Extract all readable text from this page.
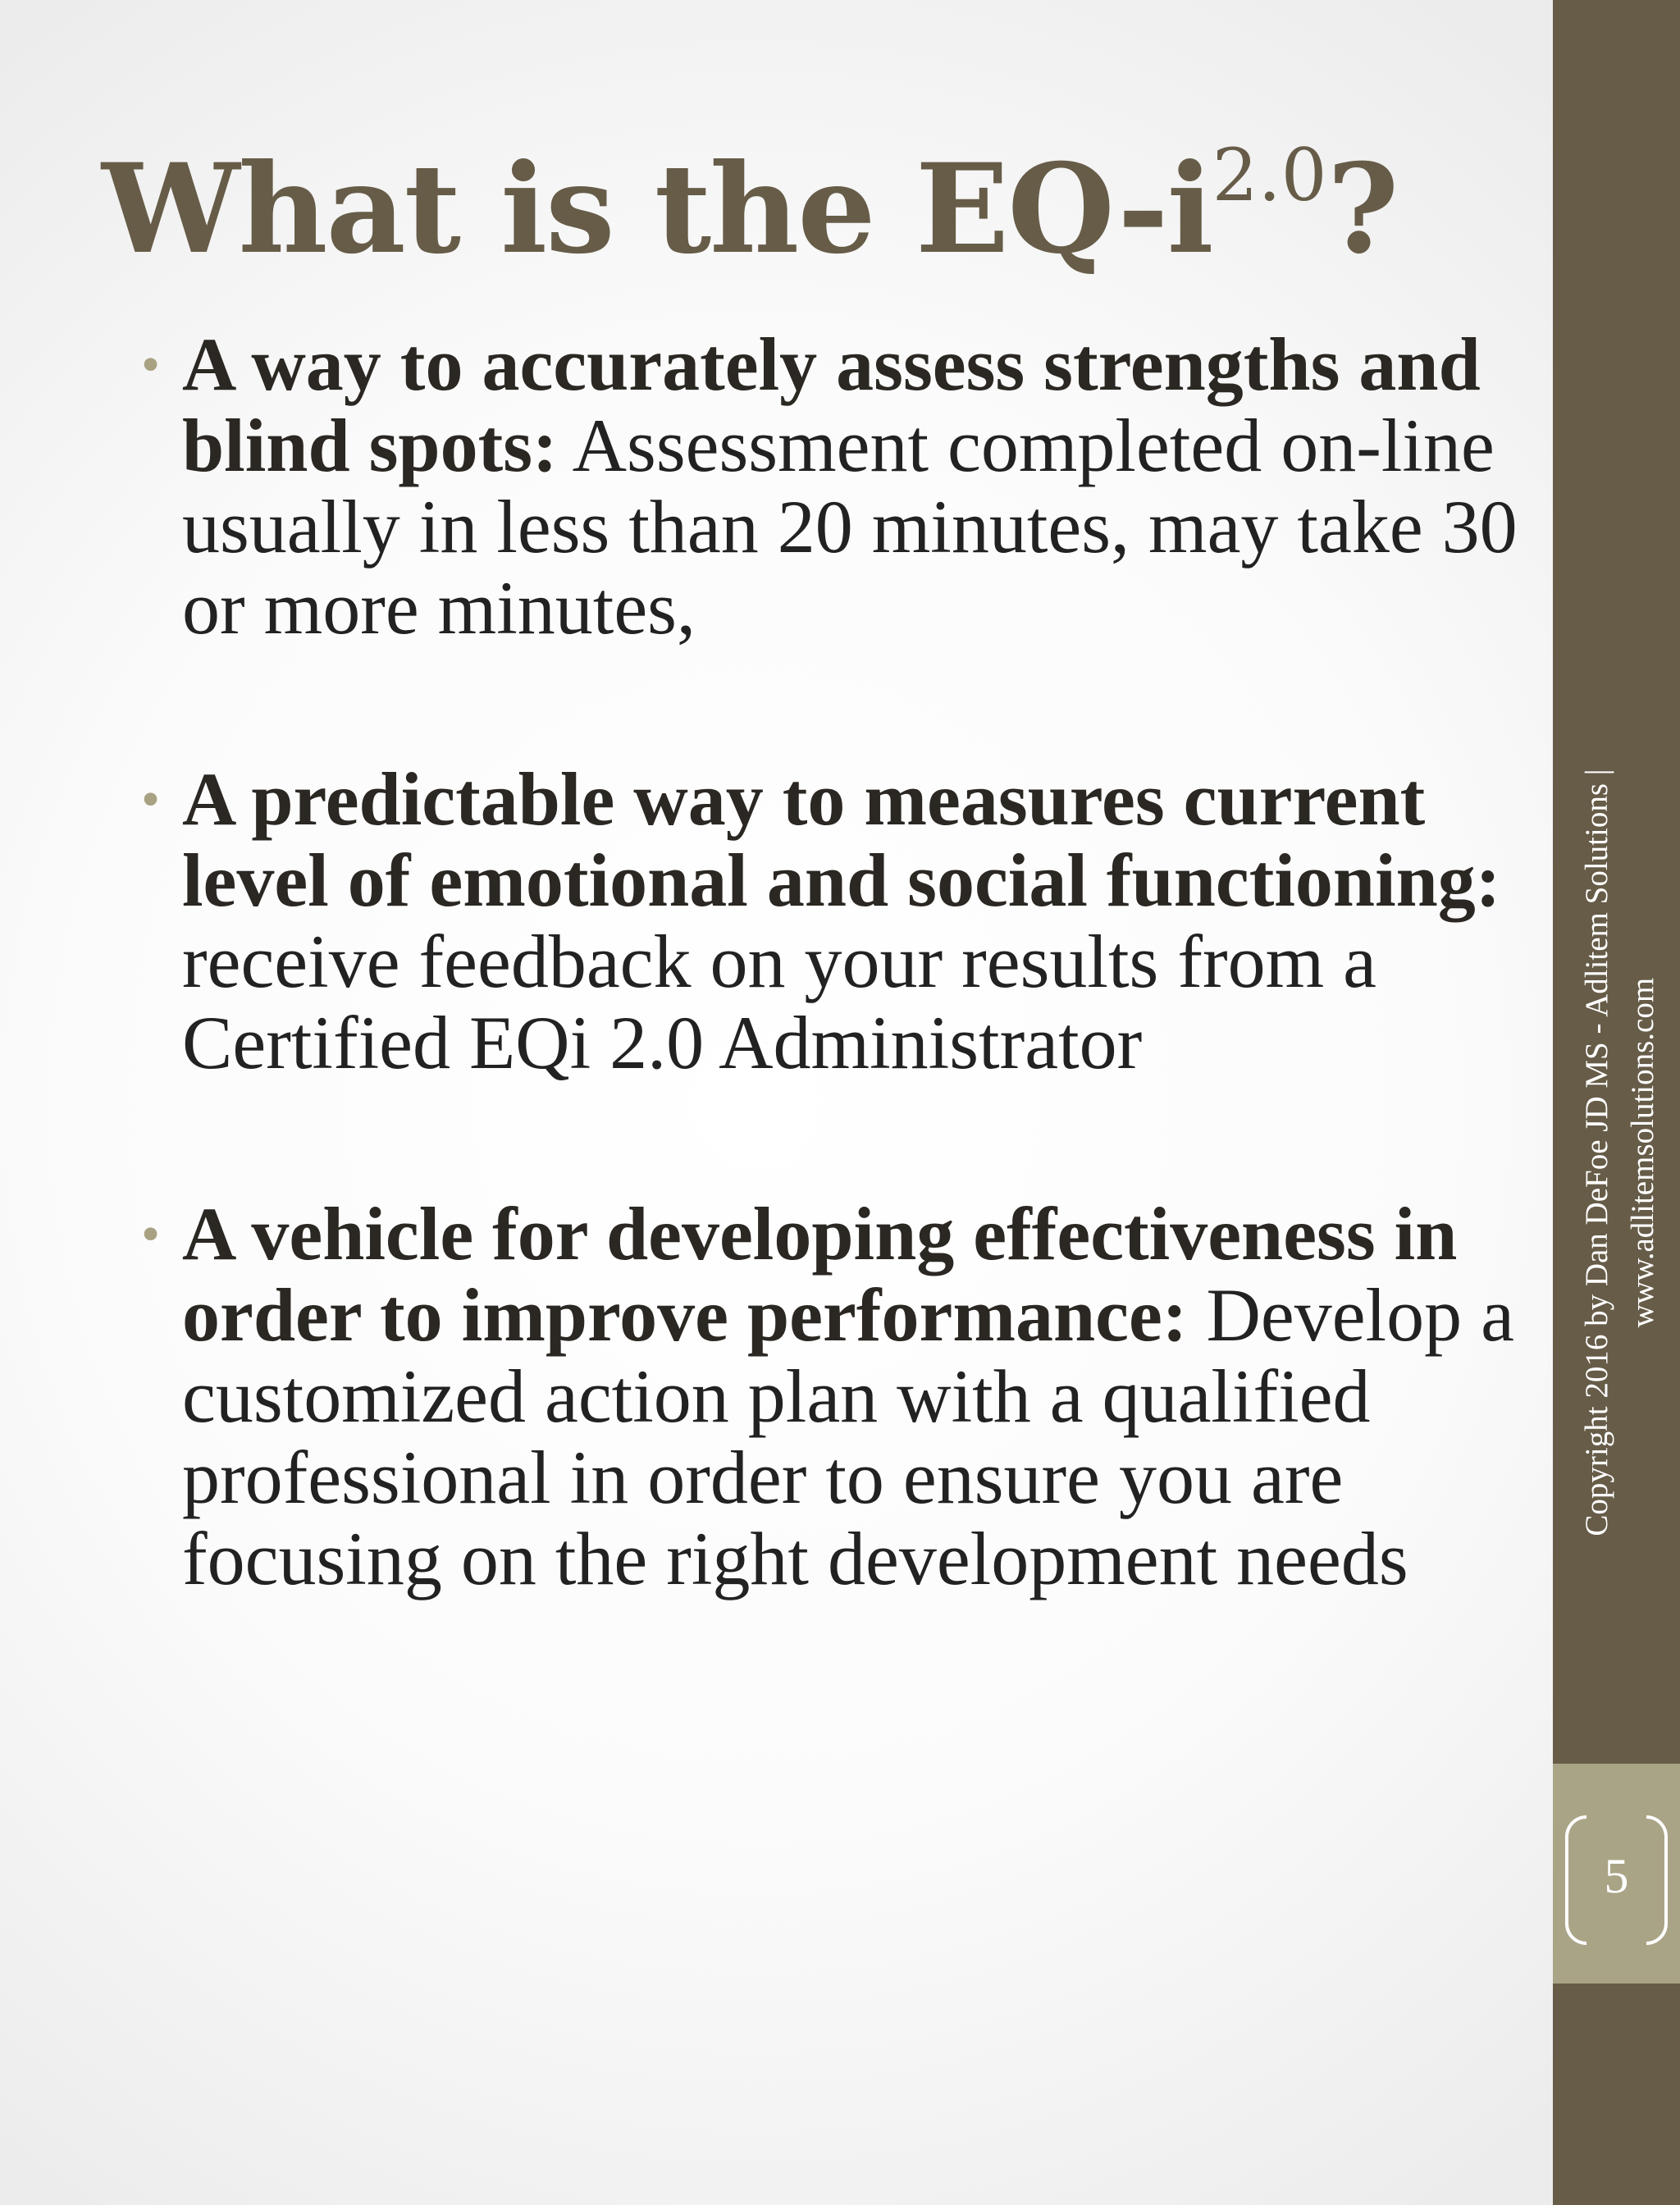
What is the $EQ-i^{2.0}$?
• A way to accurately assess strengths and blind spots: Assessment completed on-line usually in less than 20 minutes, may take 30 or more minutes,
• A predictable way to measures current level of emotional and social functioning: receive feedback on your results from a Certified EQi 2.0 Administrator
• A vehicle for developing effectiveness in order to improve performance: Develop a customized action plan with a qualified professional in order to ensure you are focusing on the right development needs
Copyright 2016 by Dan DeFoe JD MS - Adlitem Solutions | www.adlitemsolutions.com
5
